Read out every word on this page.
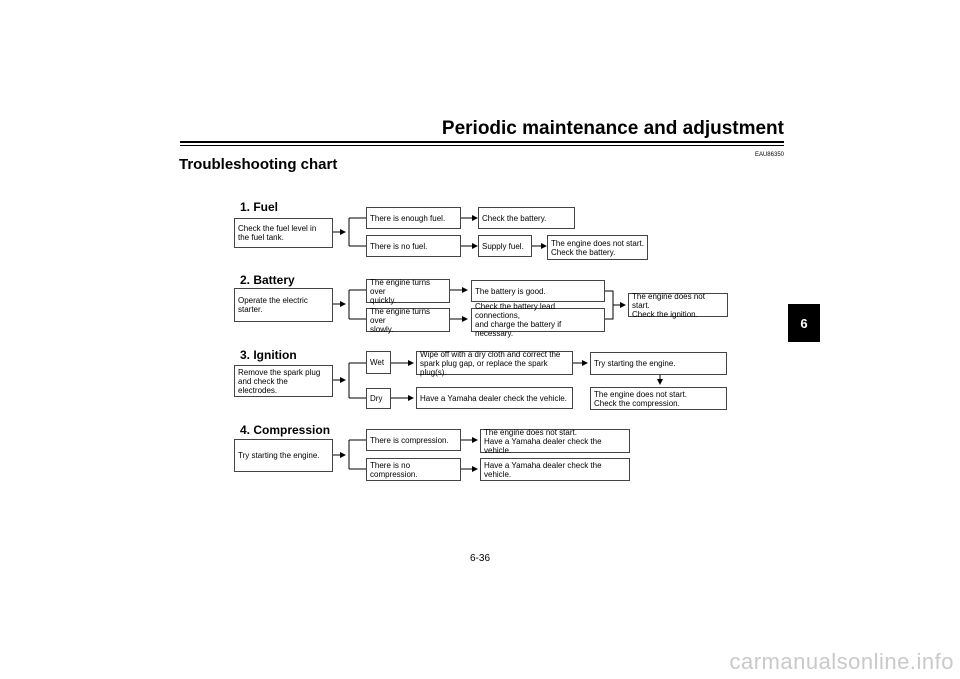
Periodic maintenance and adjustment
Troubleshooting chart
EAU86350
6
1. Fuel
Check the fuel level in
the fuel tank.
There is enough fuel.	Check the battery.
There is no fuel.	Supply fuel.	The engine does not start.
Check the battery.
2. Battery
Operate the electric starter.
The engine turns over
quickly.
The battery is good.
The engine turns over
slowly.
Check the battery lead connections,
and charge the battery if necessary.
The engine does not start.
Check the ignition.
3. Ignition
Remove the spark plug
and check the electrodes.
Wet
Wipe off with a dry cloth and correct the
spark plug gap, or replace the spark plug(s).
Try starting the engine.
Dry	Have a Yamaha dealer check the vehicle.	The engine does not start.
Check the compression.
4. Compression
Try starting the engine.
There is compression.
The engine does not start.
Have a Yamaha dealer check the vehicle.
There is no compression.
Have a Yamaha dealer check the vehicle.
6-36
carmanualsonline.info
